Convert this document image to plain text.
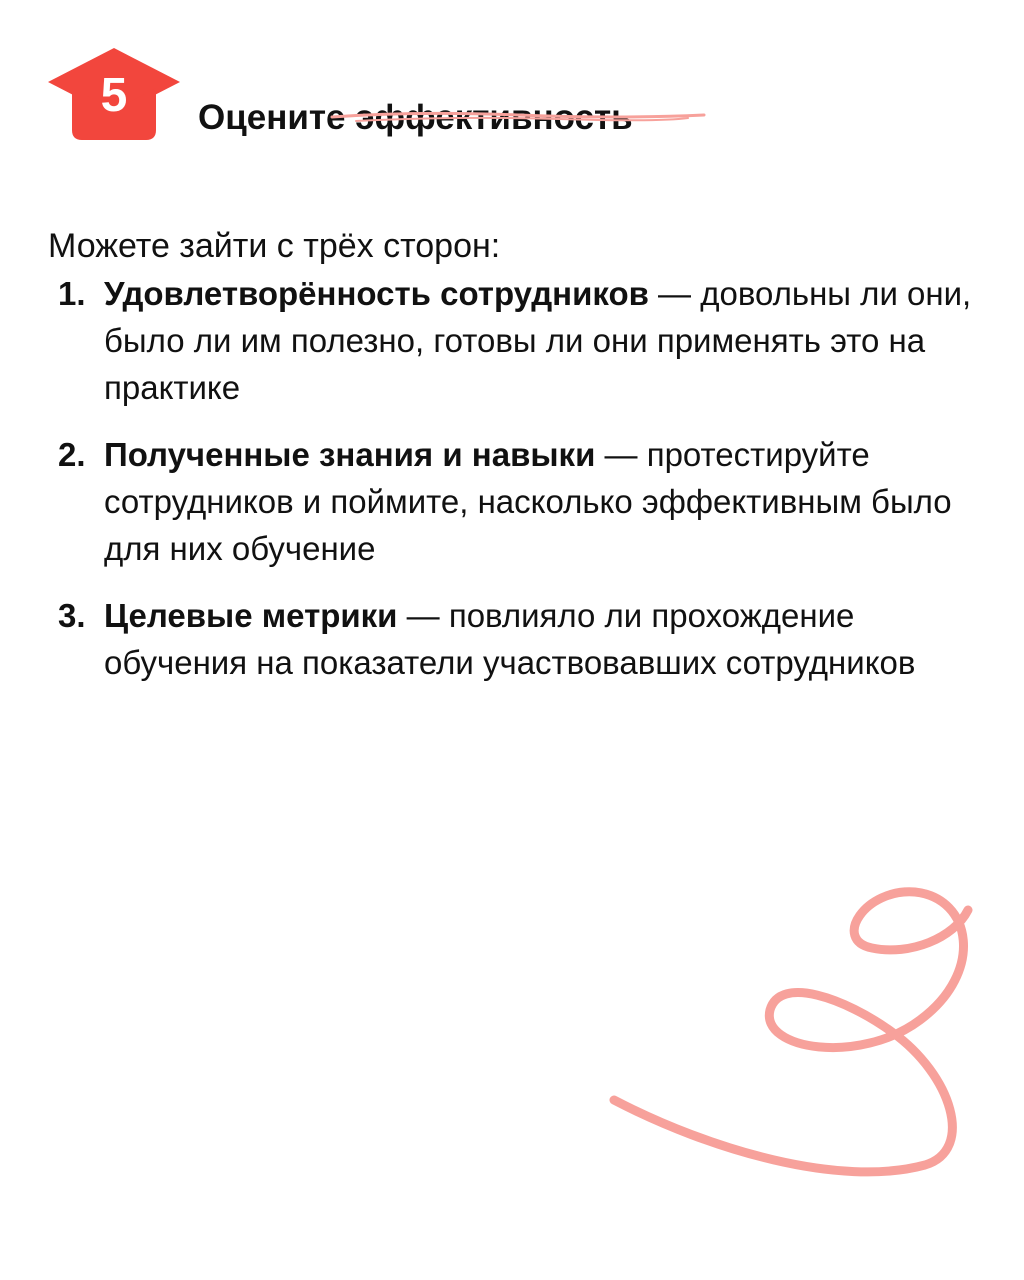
5	Оцените эффективность

Можете зайти с трёх сторон:

1. Удовлетворённость сотрудников — довольны ли они, было ли им полезно, готовы ли они применять это на практике
2. Полученные знания и навыки — протестируйте сотрудников и поймите, насколько эффективным было для них обучение
3. Целевые метрики — повлияло ли прохождение обучения на показатели участвовавших сотрудников
